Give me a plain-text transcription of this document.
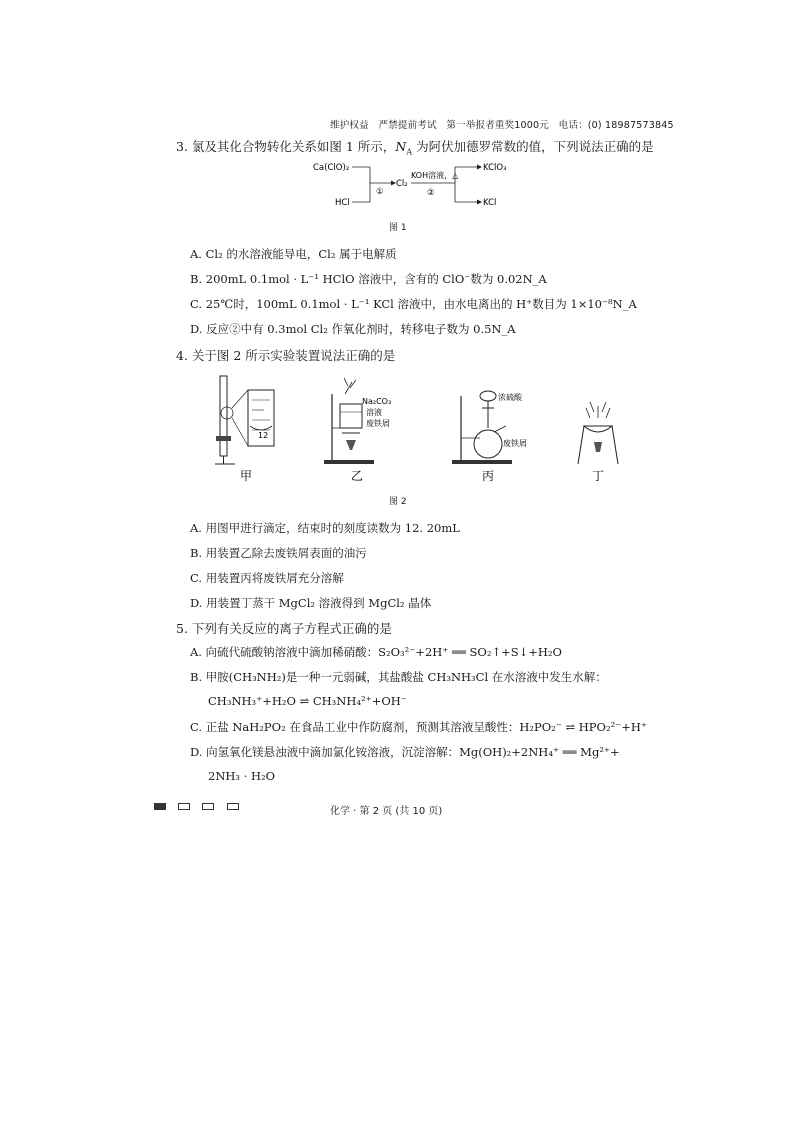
维护权益　严禁提前考试　第一举报者重奖1000元　电话：(0) 18987573845
3. 氯及其化合物转化关系如图 1 所示，$N_A$ 为阿伏加德罗常数的值，下列说法正确的是
Ca(ClO)₂
HCl
①
Cl₂
KOH溶液，△
②
KClO₃
KCl
图 1
A. Cl₂ 的水溶液能导电，Cl₂ 属于电解质
B. 200mL 0.1mol · L⁻¹ HClO 溶液中，含有的 ClO⁻数为 0.02N_A
C. 25℃时，100mL 0.1mol · L⁻¹ KCl 溶液中，由水电离出的 H⁺数目为 1×10⁻⁸N_A
D. 反应②中有 0.3mol Cl₂ 作氧化剂时，转移电子数为 0.5N_A
4. 关于图 2 所示实验装置说法正确的是
12
Na₂CO₃
溶液
废铁屑
浓硫酸
废铁屑
甲	乙	丙	丁
图 2
A. 用图甲进行滴定，结束时的刻度读数为 12. 20mL
B. 用装置乙除去废铁屑表面的油污
C. 用装置丙将废铁屑充分溶解
D. 用装置丁蒸干 MgCl₂ 溶液得到 MgCl₂ 晶体
5. 下列有关反应的离子方程式正确的是
A. 向硫代硫酸钠溶液中滴加稀硝酸：S₂O₃²⁻+2H⁺ ══ SO₂↑+S↓+H₂O
B. 甲胺(CH₃NH₂)是一种一元弱碱，其盐酸盐 CH₃NH₃Cl 在水溶液中发生水解：
CH₃NH₃⁺+H₂O ⇌ CH₃NH₄²⁺+OH⁻
C. 正盐 NaH₂PO₂ 在食品工业中作防腐剂，预测其溶液呈酸性：H₂PO₂⁻ ⇌ HPO₂²⁻+H⁺
D. 向氢氧化镁悬浊液中滴加氯化铵溶液，沉淀溶解：Mg(OH)₂+2NH₄⁺ ══ Mg²⁺+
2NH₃ · H₂O
化学 · 第 2 页 (共 10 页)
